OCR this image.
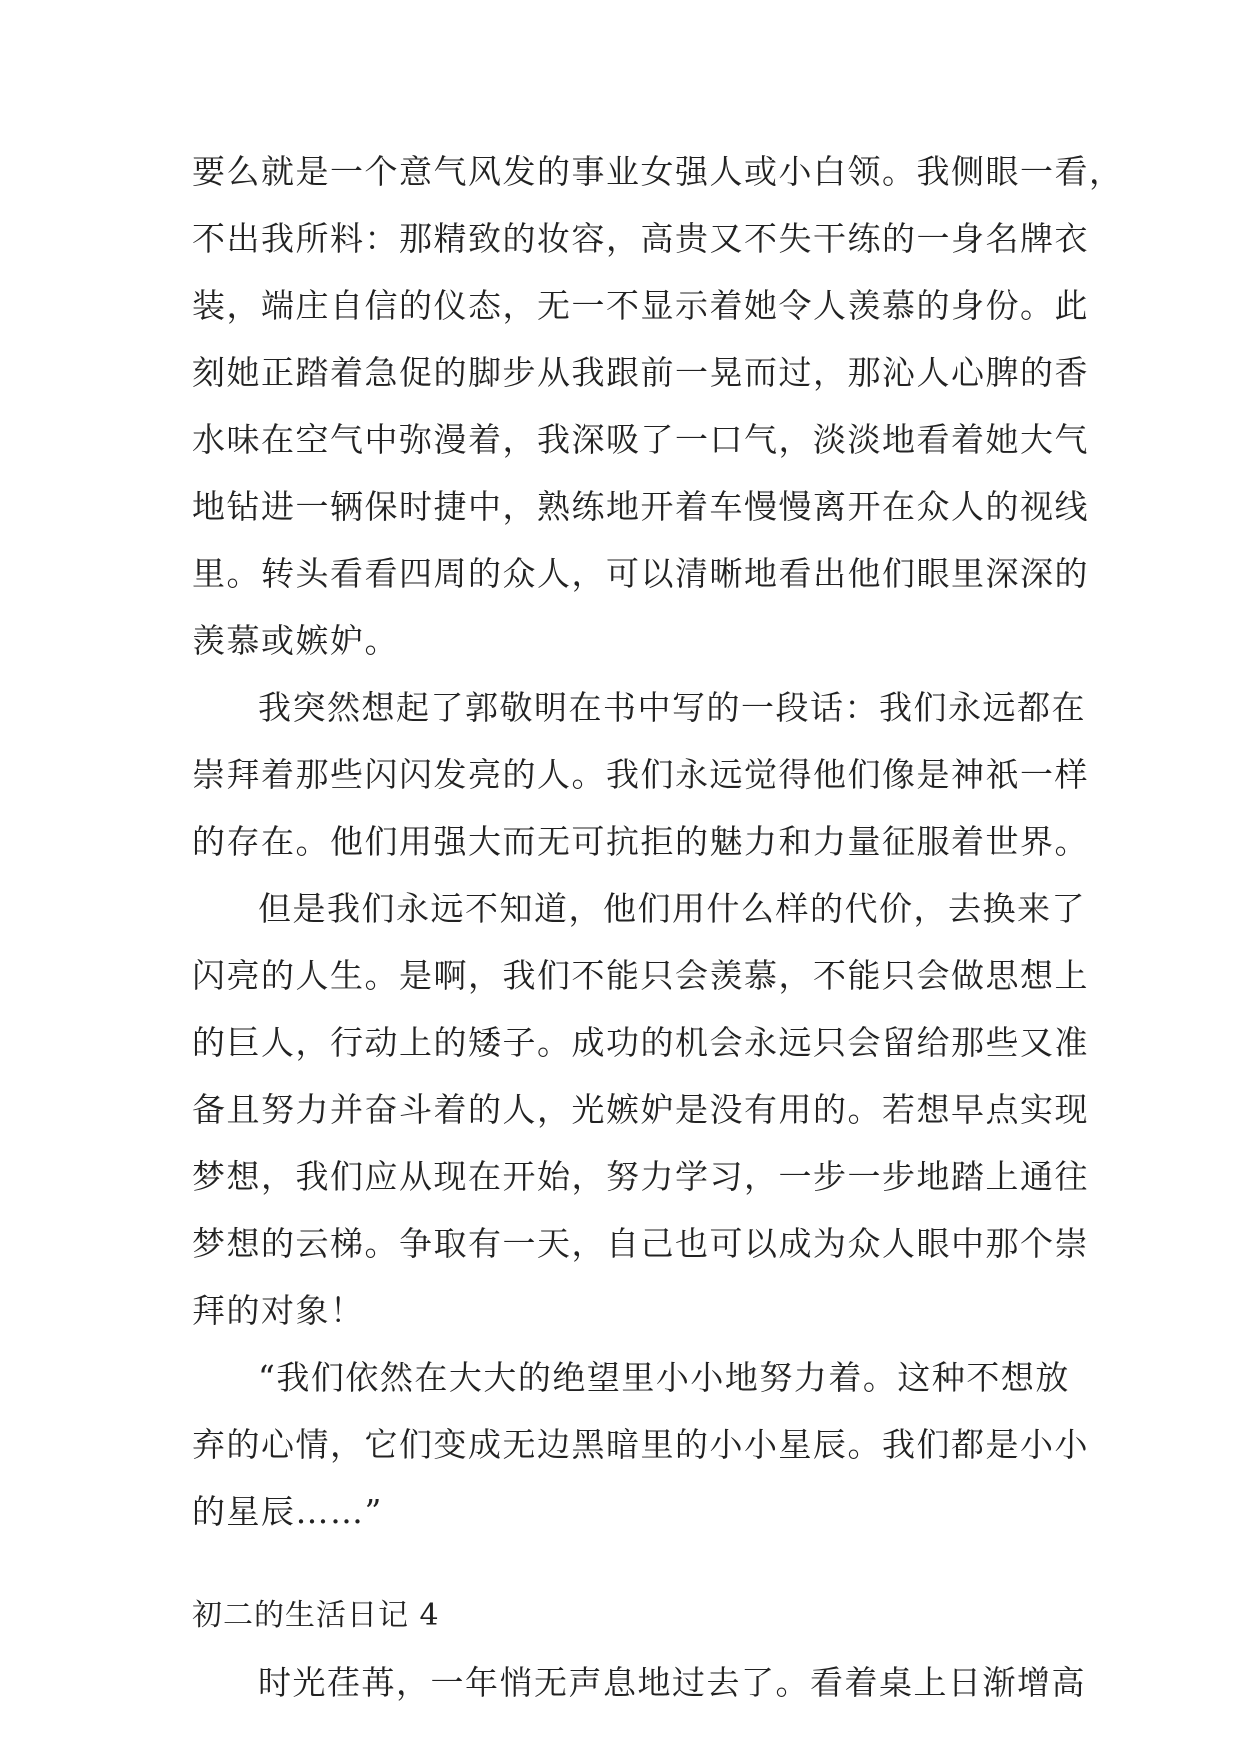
要么就是一个意气风发的事业女强人或小白领。我侧眼一看，
不出我所料：那精致的妆容，高贵又不失干练的一身名牌衣
装，端庄自信的仪态，无一不显示着她令人羡慕的身份。此
刻她正踏着急促的脚步从我跟前一晃而过，那沁人心脾的香
水味在空气中弥漫着，我深吸了一口气，淡淡地看着她大气
地钻进一辆保时捷中，熟练地开着车慢慢离开在众人的视线
里。转头看看四周的众人，可以清晰地看出他们眼里深深的
羡慕或嫉妒。
我突然想起了郭敬明在书中写的一段话：我们永远都在
崇拜着那些闪闪发亮的人。我们永远觉得他们像是神祇一样
的存在。他们用强大而无可抗拒的魅力和力量征服着世界。
但是我们永远不知道，他们用什么样的代价，去换来了
闪亮的人生。是啊，我们不能只会羡慕，不能只会做思想上
的巨人，行动上的矮子。成功的机会永远只会留给那些又准
备且努力并奋斗着的人，光嫉妒是没有用的。若想早点实现
梦想，我们应从现在开始，努力学习，一步一步地踏上通往
梦想的云梯。争取有一天，自己也可以成为众人眼中那个崇
拜的对象！
“我们依然在大大的绝望里小小地努力着。这种不想放
弃的心情，它们变成无边黑暗里的小小星辰。我们都是小小
的星辰……”
初二的生活日记 4
时光荏苒，一年悄无声息地过去了。看着桌上日渐增高
